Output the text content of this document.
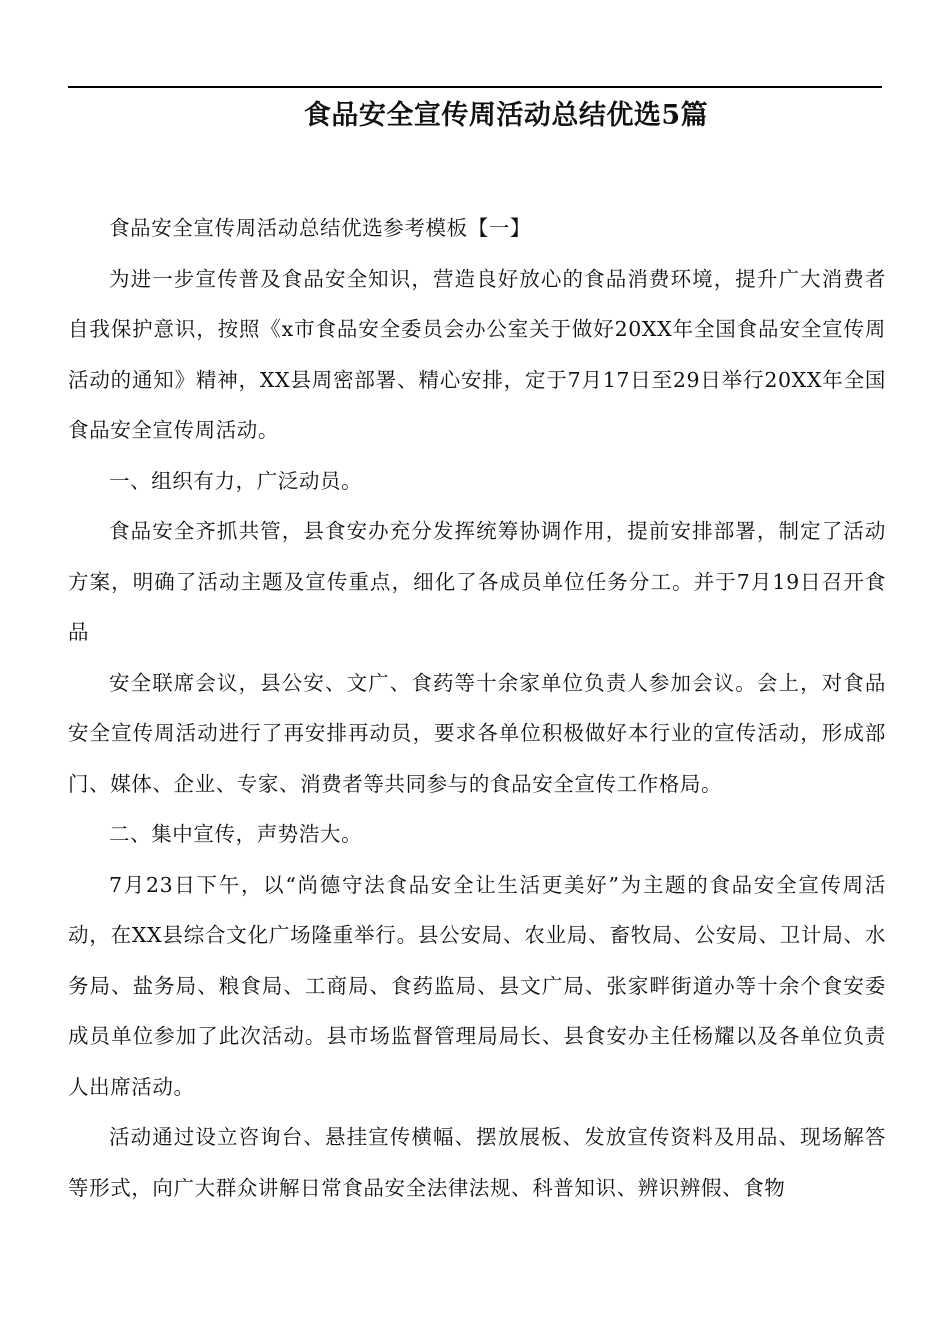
食品安全宣传周活动总结优选5篇

食品安全宣传周活动总结优选参考模板【一】

为进一步宣传普及食品安全知识，营造良好放心的食品消费环境，提升广大消费者自我保护意识，按照《x市食品安全委员会办公室关于做好20XX年全国食品安全宣传周活动的通知》精神，XX县周密部署、精心安排，定于7月17日至29日举行20XX年全国食品安全宣传周活动。

一、组织有力，广泛动员。

食品安全齐抓共管，县食安办充分发挥统筹协调作用，提前安排部署，制定了活动方案，明确了活动主题及宣传重点，细化了各成员单位任务分工。并于7月19日召开食品

安全联席会议，县公安、文广、食药等十余家单位负责人参加会议。会上，对食品安全宣传周活动进行了再安排再动员，要求各单位积极做好本行业的宣传活动，形成部门、媒体、企业、专家、消费者等共同参与的食品安全宣传工作格局。

二、集中宣传，声势浩大。

7月23日下午，以“尚德守法食品安全让生活更美好”为主题的食品安全宣传周活动，在XX县综合文化广场隆重举行。县公安局、农业局、畜牧局、公安局、卫计局、水务局、盐务局、粮食局、工商局、食药监局、县文广局、张家畔街道办等十余个食安委成员单位参加了此次活动。县市场监督管理局局长、县食安办主任杨耀以及各单位负责人出席活动。

活动通过设立咨询台、悬挂宣传横幅、摆放展板、发放宣传资料及用品、现场解答等形式，向广大群众讲解日常食品安全法律法规、科普知识、辨识辨假、食物
